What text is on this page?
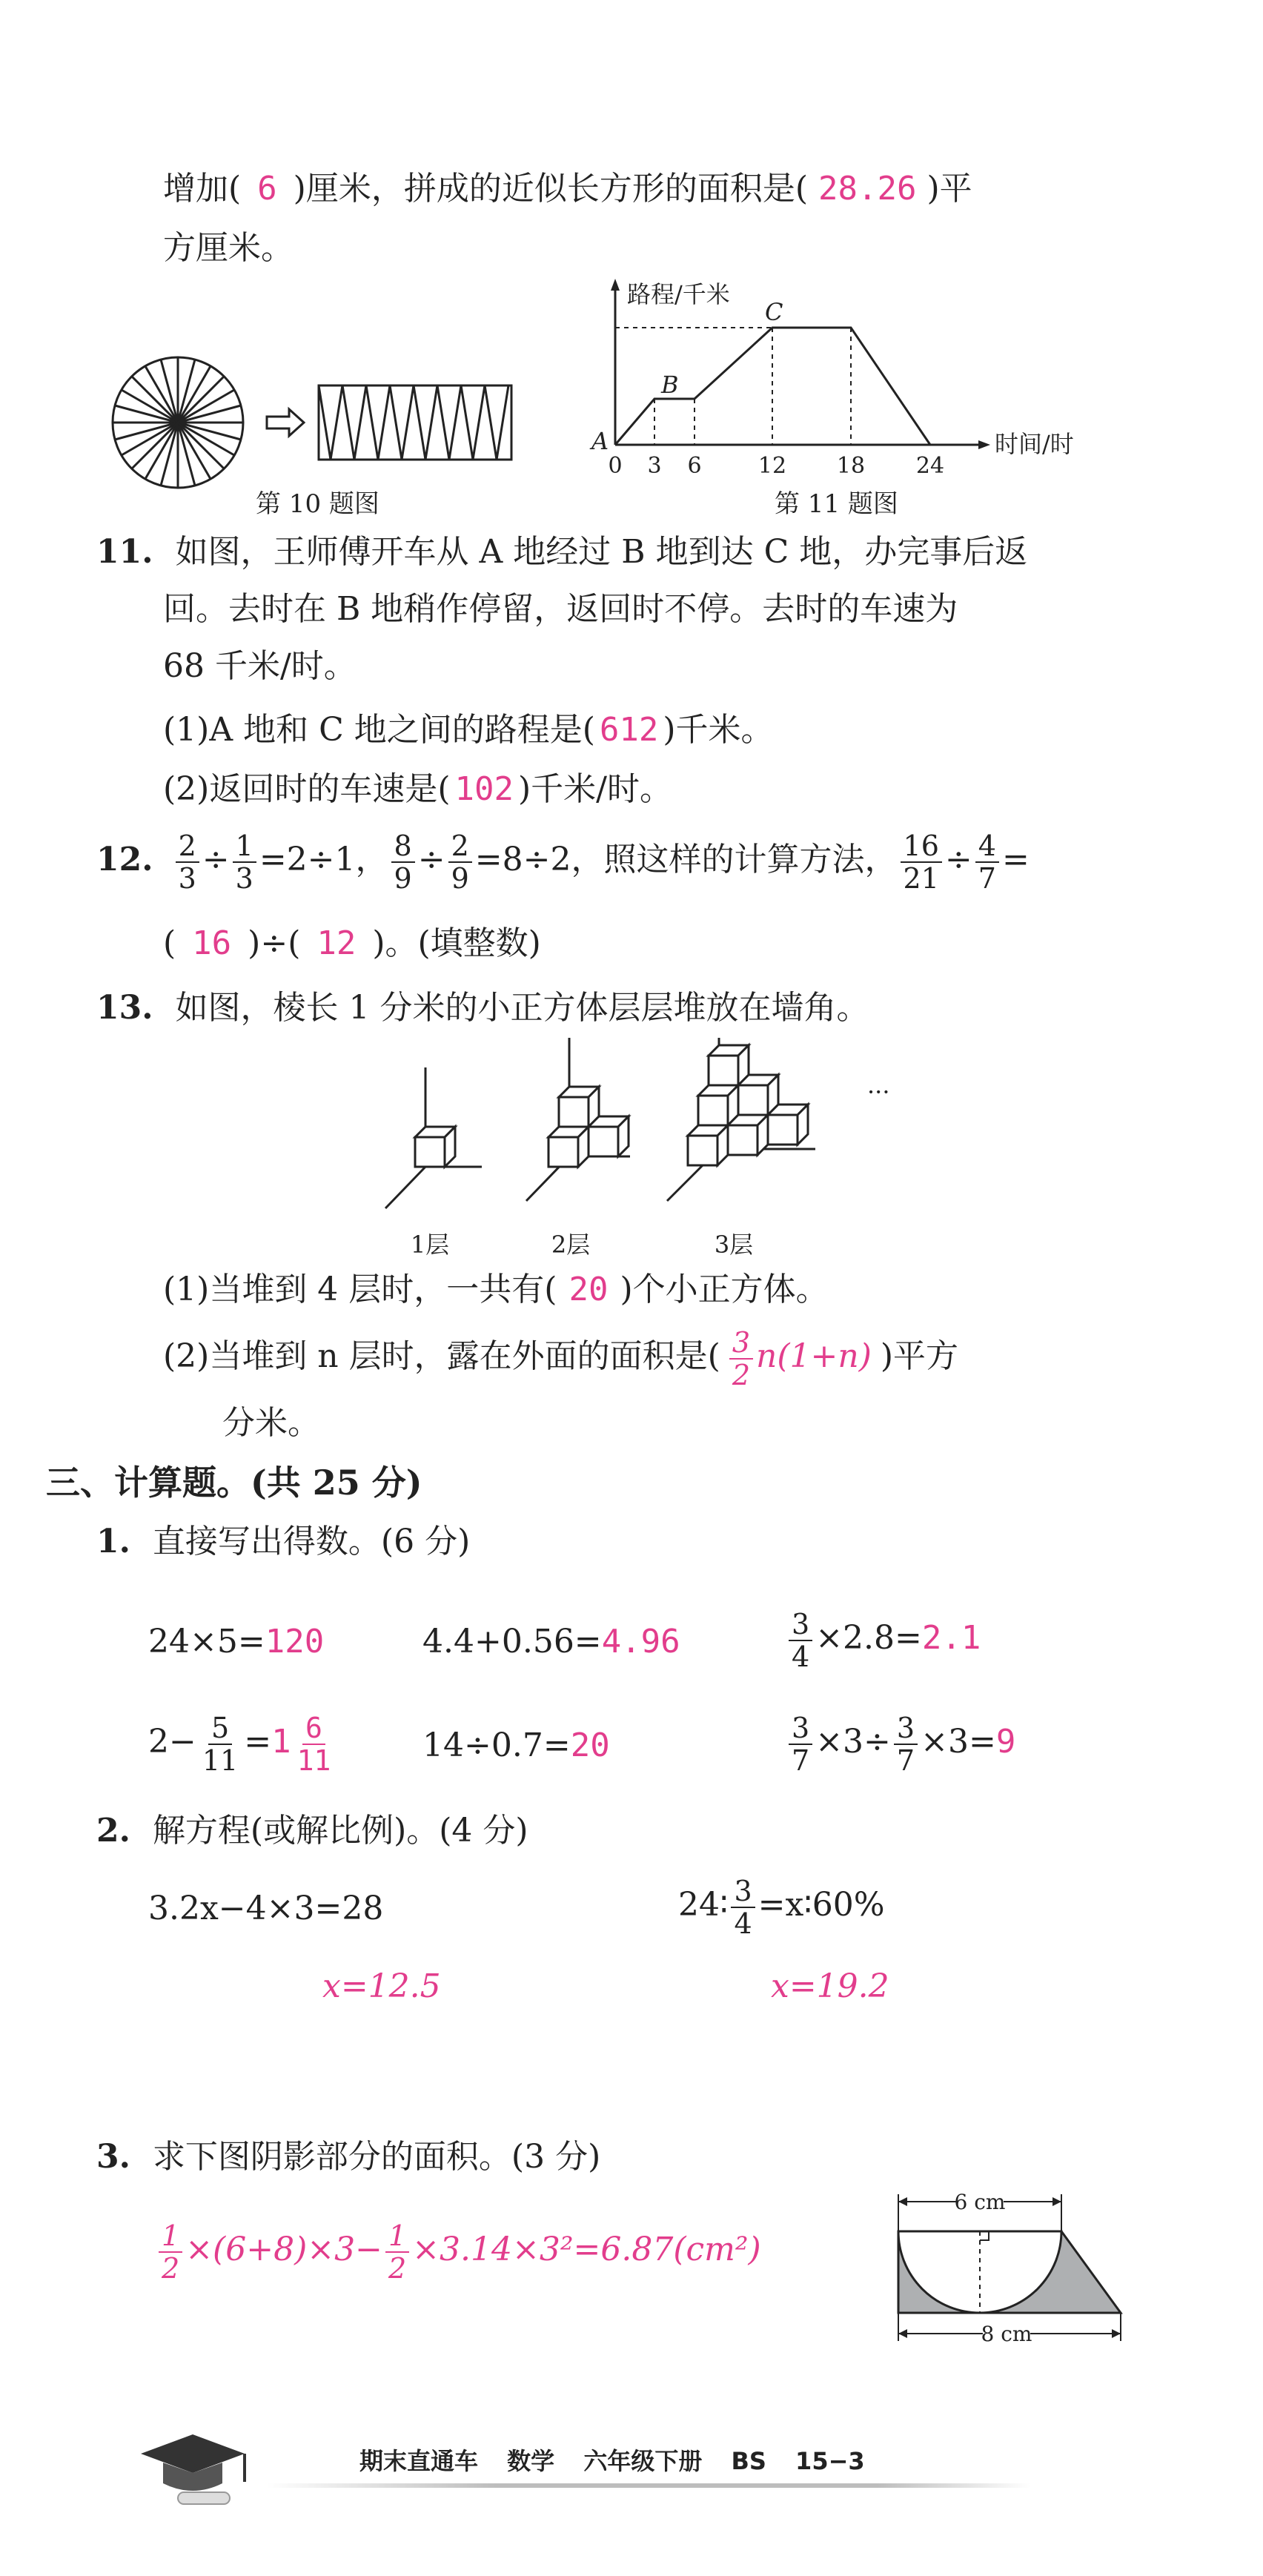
增加( 6 )厘米，拼成的近似长方形的面积是( 28.26 )平
方厘米。
第 10 题图
路程/千米
时间/时
A
B
C
0 3 6	12 18 24
第 11 题图
11. 如图，王师傅开车从 A 地经过 B 地到达 C 地，办完事后返
回。去时在 B 地稍作停留，返回时不停。去时的车速为
68 千米/时。
(1)A 地和 C 地之间的路程是( 612 )千米。
(2)返回时的车速是( 102 )千米/时。
12. $\frac{2}{3} \div \frac{1}{3} =2\div 1$， $\frac{8}{9} \div \frac{2}{9} =8\div 2$，照这样的计算方法， $\frac{16}{21} \div \frac{4}{7}$ =
( 16 )÷( 12 )。(填整数)
13. 如图，棱长 1 分米的小正方体层层堆放在墙角。
···
1层	2层	3层
(1)当堆到 4 层时，一共有( 20 )个小正方体。
(2)当堆到 n 层时，露在外面的面积是( $\frac{3}{2} n(1+n)$ )平方
分米。
三、计算题。(共 25 分)
1. 直接写出得数。(6 分)
24×5=120	4.4+0.56=4.96	$\frac{3}{4} \times 2.8=2.1$
$2- \frac{5}{11} =1 \frac{6}{11}$	14÷0.7=20	$\frac{3}{7} \times 3\div \frac{3}{7} \times 3=9$
2. 解方程(或解比例)。(4 分)
3.2x−4×3=28	24∶ $\frac{3}{4}$ =x∶60%
x=12.5	x=19.2
3. 求下图阴影部分的面积。(3 分)
$\frac{1}{2} \times(6+8)\times 3- \frac{1}{2} \times 3.14\times 3^2=6.87(cm^2)$
6 cm
8 cm
期末直通车 数学 六年级下册 BS 15−3
